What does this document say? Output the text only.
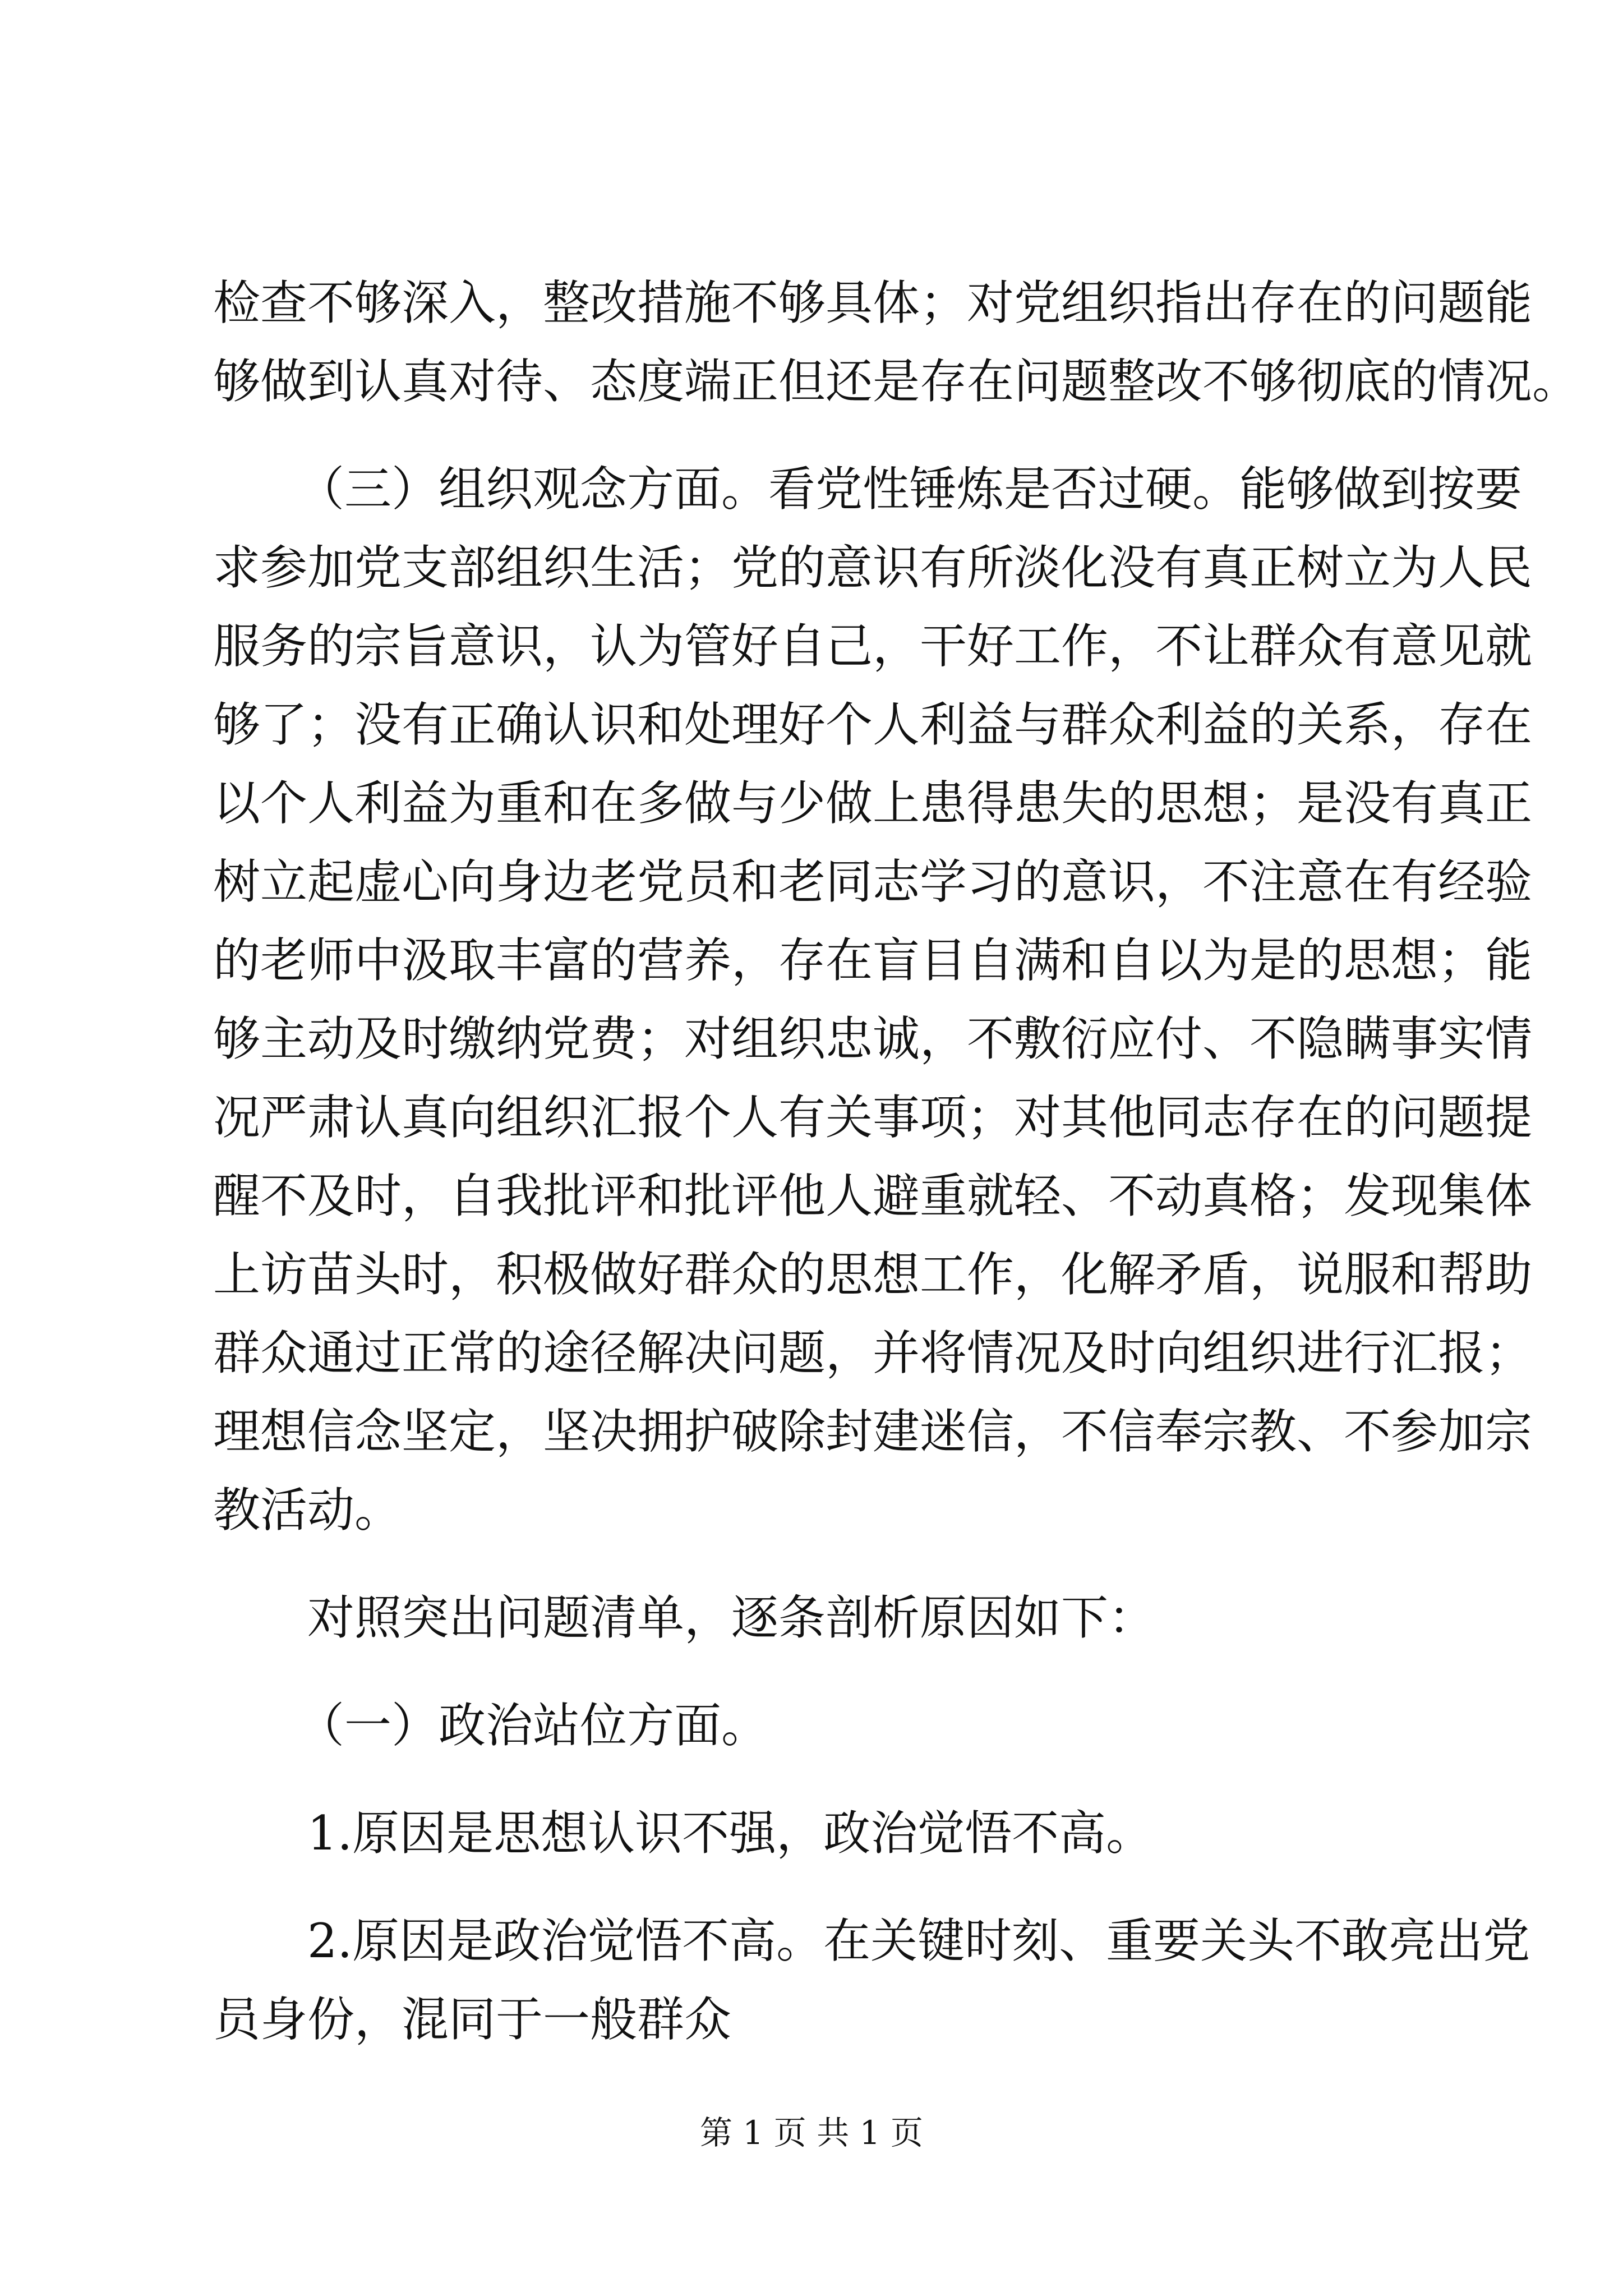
检查不够深入，整改措施不够具体；对党组织指出存在的问题能
够做到认真对待、态度端正但还是存在问题整改不够彻底的情况。
（三）组织观念方面。看党性锤炼是否过硬。能够做到按要
求参加党支部组织生活；党的意识有所淡化没有真正树立为人民
服务的宗旨意识，认为管好自己，干好工作，不让群众有意见就
够了；没有正确认识和处理好个人利益与群众利益的关系，存在
以个人利益为重和在多做与少做上患得患失的思想；是没有真正
树立起虚心向身边老党员和老同志学习的意识，不注意在有经验
的老师中汲取丰富的营养，存在盲目自满和自以为是的思想；能
够主动及时缴纳党费；对组织忠诚，不敷衍应付、不隐瞒事实情
况严肃认真向组织汇报个人有关事项；对其他同志存在的问题提
醒不及时，自我批评和批评他人避重就轻、不动真格；发现集体
上访苗头时，积极做好群众的思想工作，化解矛盾，说服和帮助
群众通过正常的途径解决问题，并将情况及时向组织进行汇报；
理想信念坚定，坚决拥护破除封建迷信，不信奉宗教、不参加宗
教活动。
对照突出问题清单，逐条剖析原因如下：
（一）政治站位方面。
1.原因是思想认识不强，政治觉悟不高。
2.原因是政治觉悟不高。在关键时刻、重要关头不敢亮出党
员身份，混同于一般群众
第 1 页 共 1 页
